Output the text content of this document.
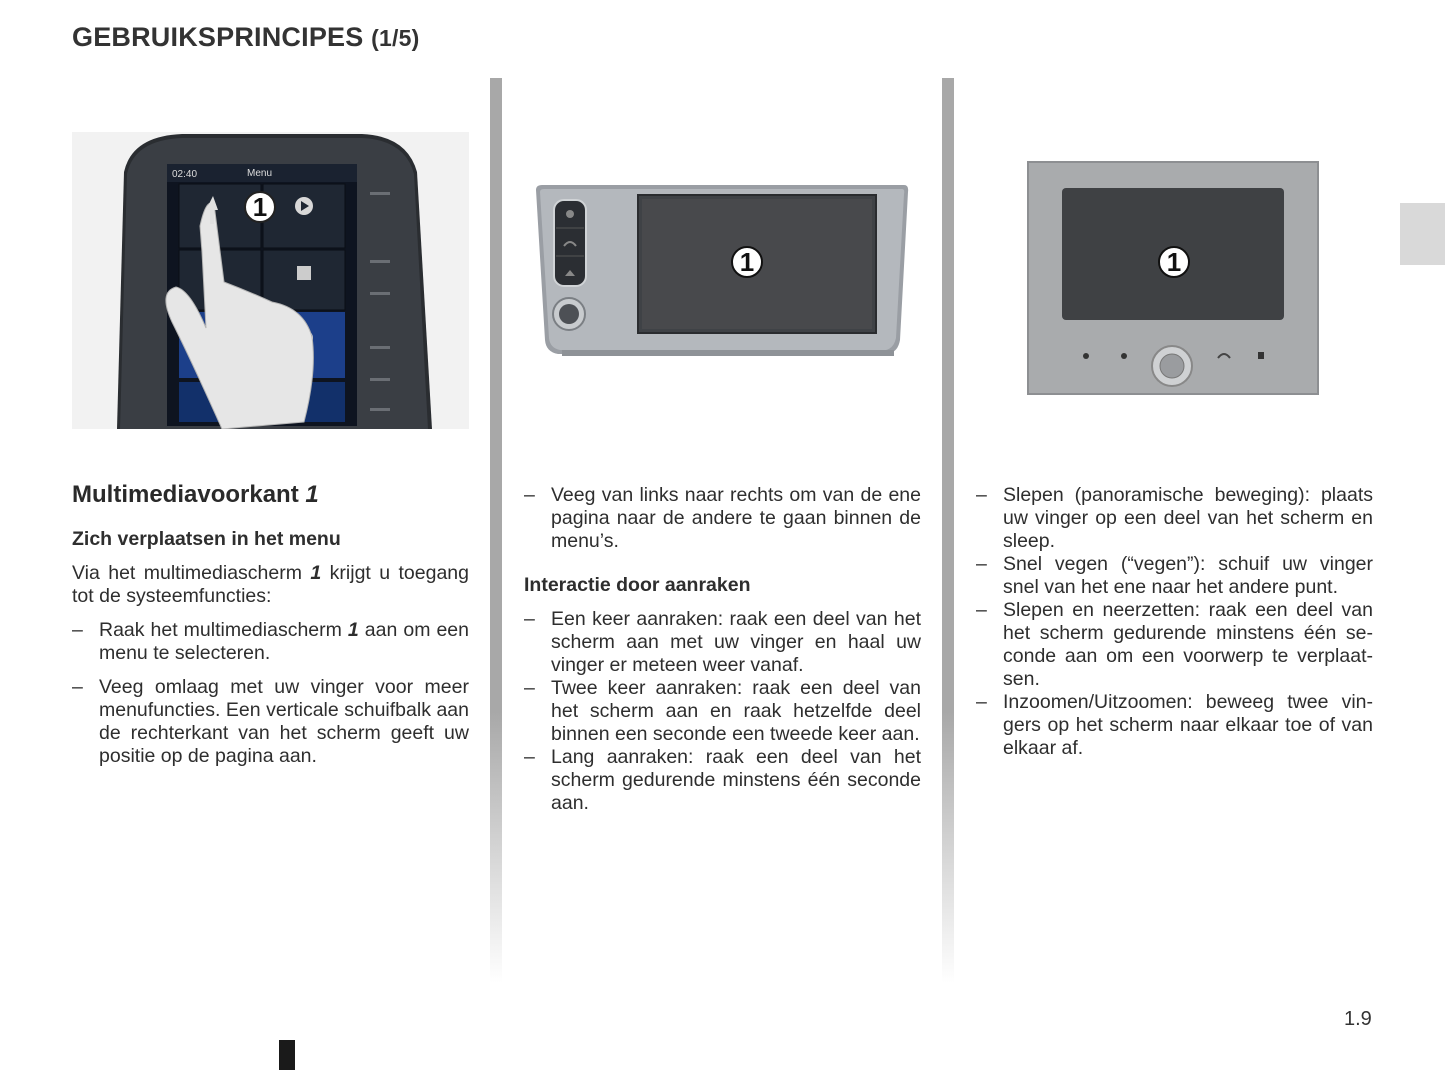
GEBRUIKSPRINCIPES (1/5)
02:40	Menu
1
1	1
Multimediavoorkant 1
Zich verplaatsen in het menu

Via het multimediascherm 1 krijgt u toegang tot de systeemfuncties:

– Raak het multimediascherm 1 aan om een menu te selecteren.
– Veeg omlaag met uw vinger voor meer menufuncties. Een verticale schuifbalk aan de rechterkant van het scherm geeft uw positie op de pagina aan.
– Veeg van links naar rechts om van de ene pagina naar de andere te gaan binnen de menu’s.
Interactie door aanraken
– Een keer aanraken: raak een deel van het scherm aan met uw vinger en haal uw vinger er meteen weer vanaf.
– Twee keer aanraken: raak een deel van het scherm aan en raak hetzelfde deel binnen een seconde een tweede keer aan.
– Lang aanraken: raak een deel van het scherm gedurende minstens één seconde aan.
– Slepen (panoramische beweging): plaats uw vinger op een deel van het scherm en sleep.
– Snel vegen (“vegen”): schuif uw vinger snel van het ene naar het andere punt.
– Slepen en neerzetten: raak een deel van het scherm gedurende minstens één seconde aan om een voorwerp te verplaatsen.
– Inzoomen/Uitzoomen: beweeg twee vingers op het scherm naar elkaar toe of van elkaar af.
1.9
